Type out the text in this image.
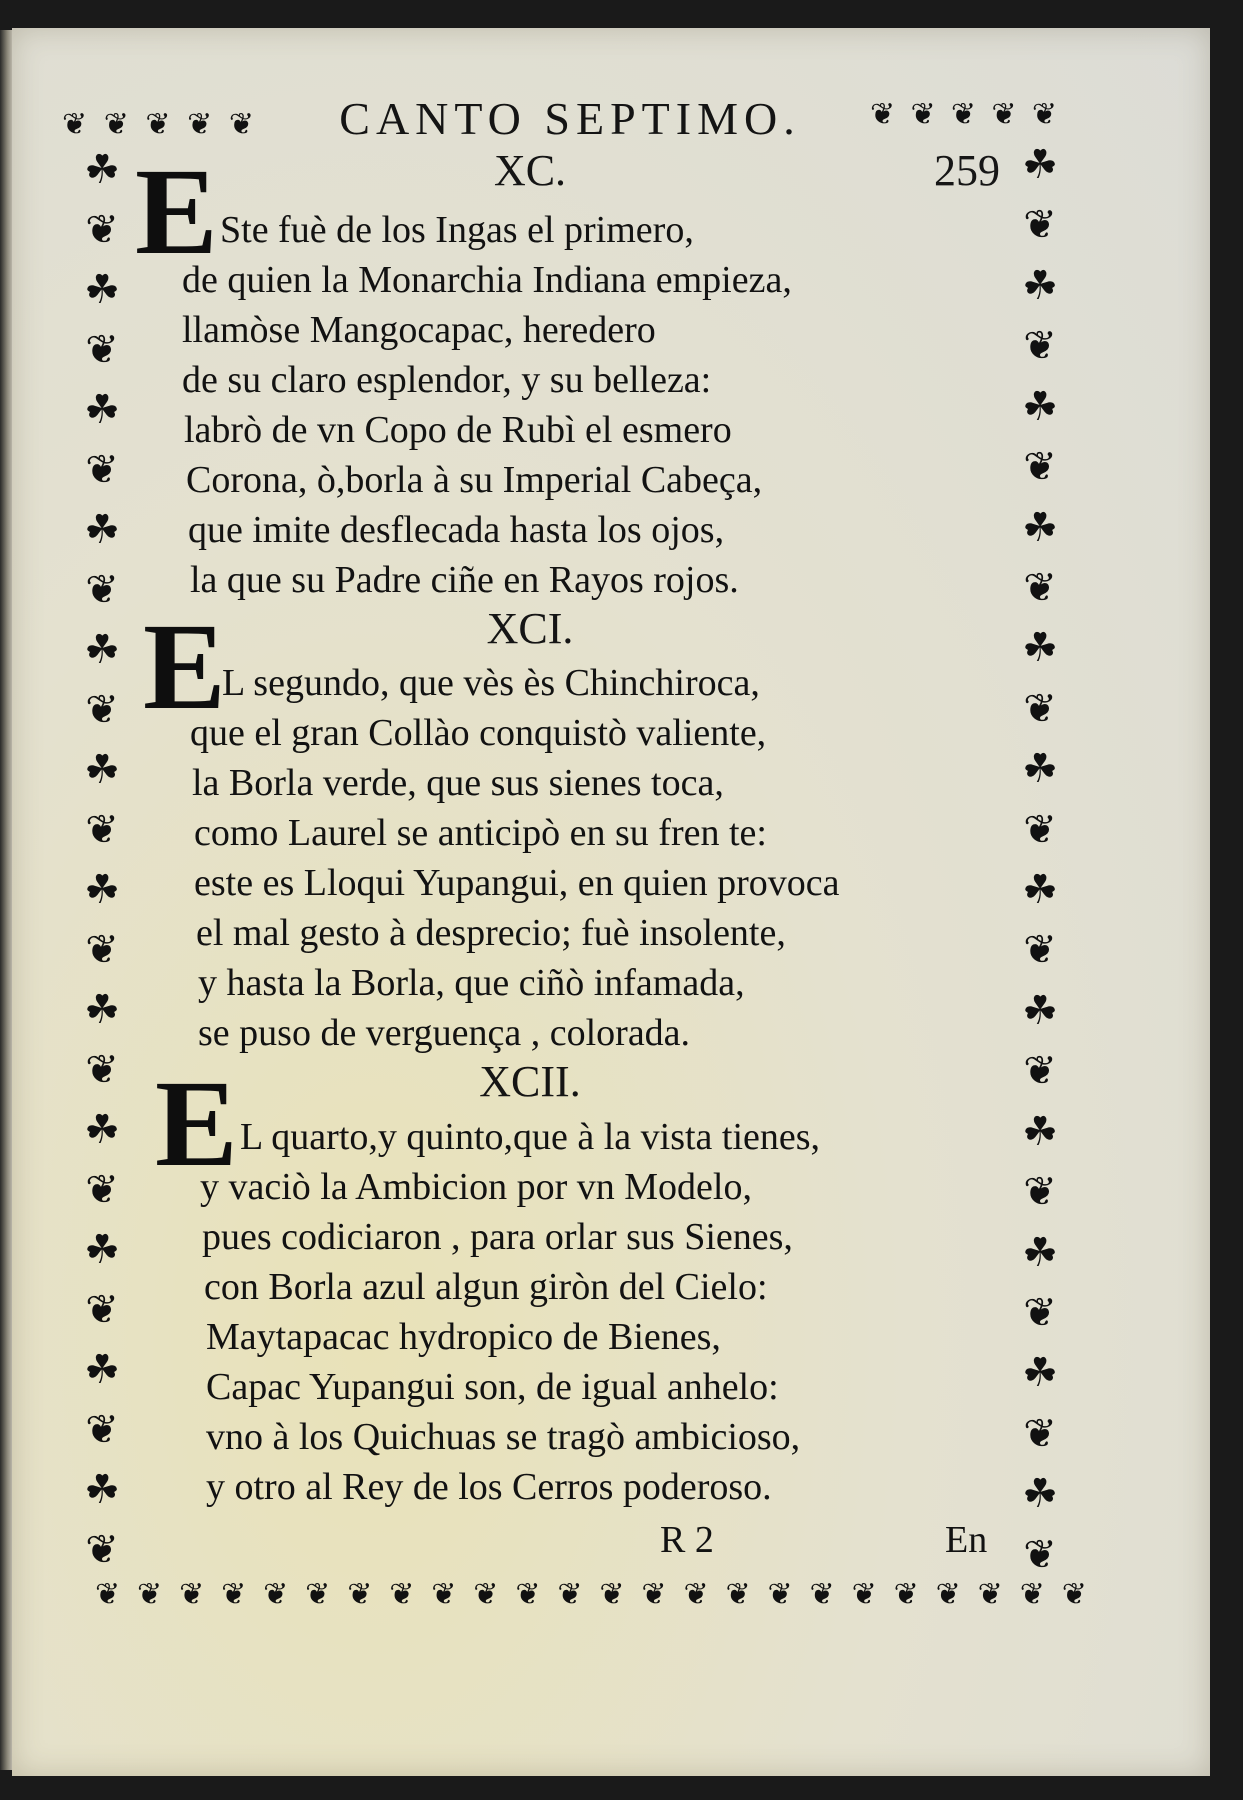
❦ ❦ ❦ ❦ ❦	❦ ❦ ❦ ❦ ❦
☘
❦
☘
❦
☘
❦
☘
❦
☘
❦
☘
❦
☘
❦
☘
❦
☘
❦
☘
❦
☘
❦
☘
❦
☘
❦
☘
❦
☘
❦
☘
❦
☘
❦
☘
❦
☘
❦
☘
❦
☘
❦
☘
❦
☘
❦
☘
❦
❦ ❦ ❦ ❦ ❦ ❦ ❦ ❦ ❦ ❦ ❦ ❦ ❦ ❦ ❦ ❦ ❦ ❦ ❦ ❦ ❦ ❦ ❦ ❦
CANTO SEPTIMO.
259
XC.
E Ste fuè de los Ingas el primero,
de quien la Monarchia Indiana empieza,
llamòse Mangocapac, heredero
de su claro esplendor, y su belleza:
labrò de vn Copo de Rubì el esmero
Corona, ò,borla à su Imperial Cabeça,
que imite desflecada hasta los ojos,
la que su Padre ciñe en Rayos rojos.
XCI.
E
L segundo, que vès ès Chinchiroca,
que el gran Collào conquistò valiente,
la Borla verde, que sus sienes toca,
como Laurel se anticipò en su fren te:
este es Lloqui Yupangui, en quien provoca
el mal gesto à desprecio; fuè insolente,
y hasta la Borla, que ciñò infamada,
se puso de verguença , colorada.
XCII.
E L quarto,y quinto,que à la vista tienes,
y vaciò la Ambicion por vn Modelo,
pues codiciaron , para orlar sus Sienes,
con Borla azul algun giròn del Cielo:
Maytapacac hydropico de Bienes,
Capac Yupangui son, de igual anhelo:
vno à los Quichuas se tragò ambicioso,
y otro al Rey de los Cerros poderoso.
R 2	En
